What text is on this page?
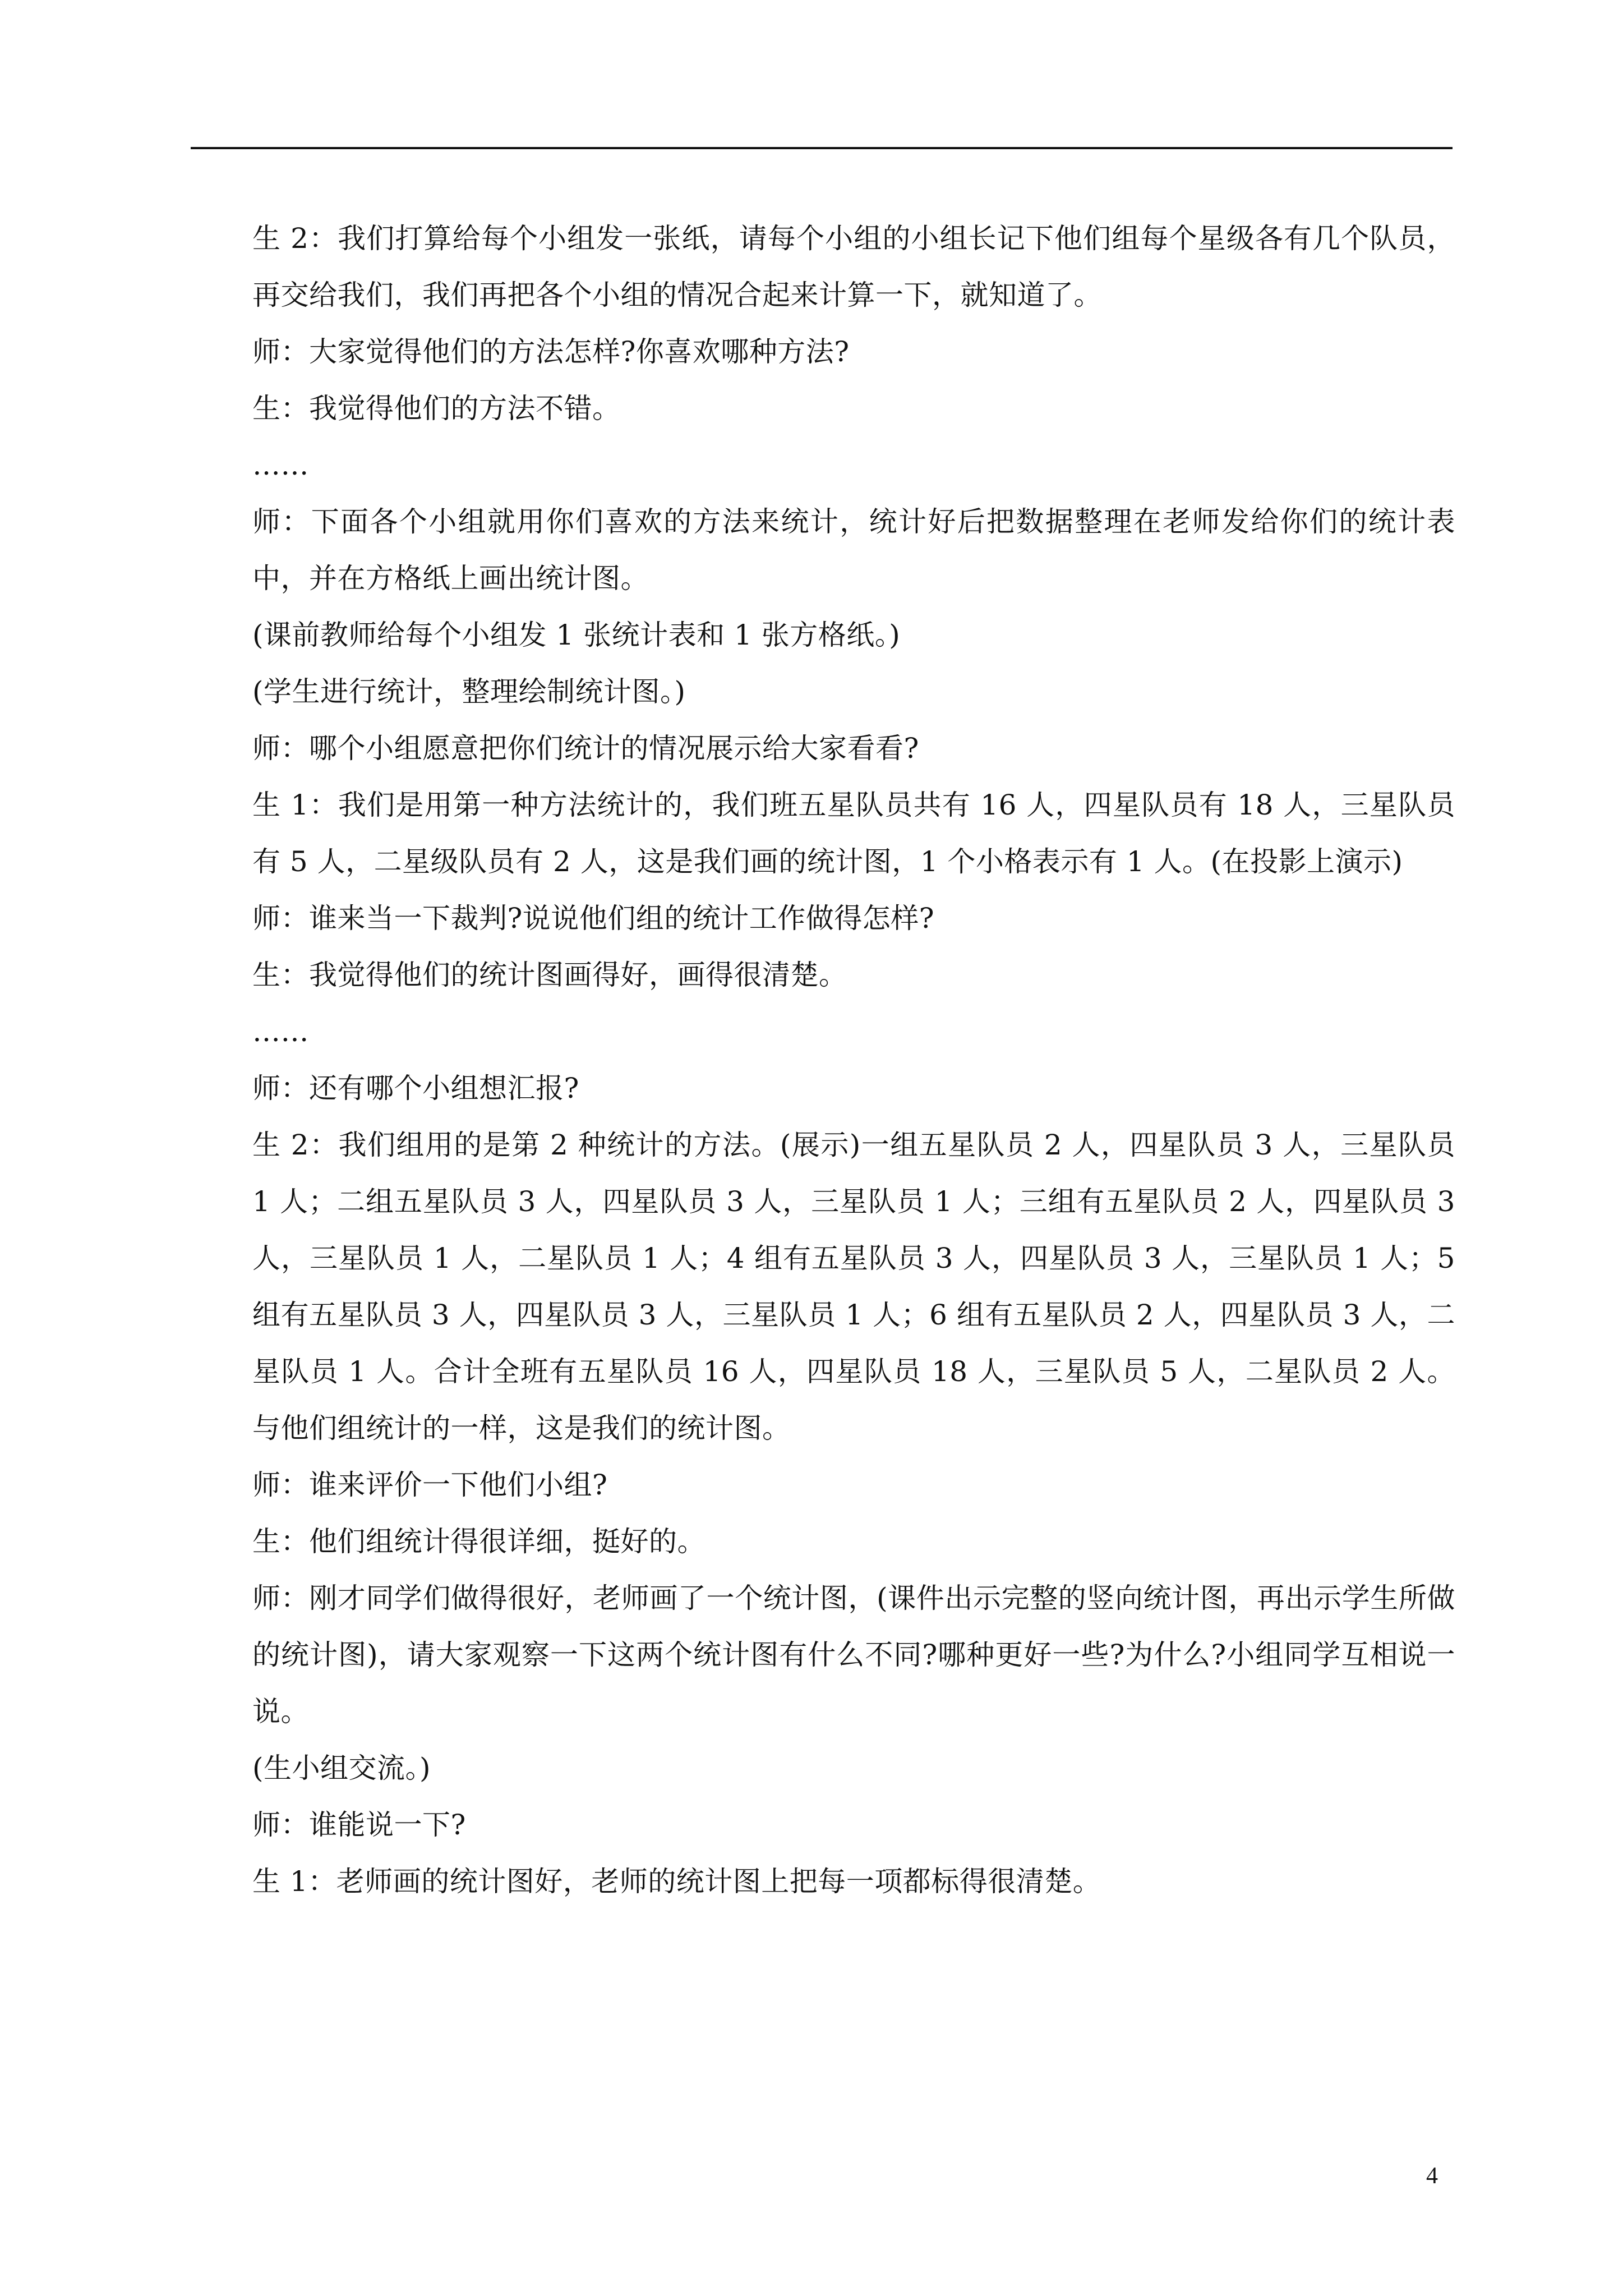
生 2：我们打算给每个小组发一张纸，请每个小组的小组长记下他们组每个星级各有几个队员，再交给我们，我们再把各个小组的情况合起来计算一下，就知道了。

师：大家觉得他们的方法怎样?你喜欢哪种方法?

生：我觉得他们的方法不错。

……

师：下面各个小组就用你们喜欢的方法来统计，统计好后把数据整理在老师发给你们的统计表中，并在方格纸上画出统计图。

(课前教师给每个小组发 1 张统计表和 1 张方格纸。)

(学生进行统计，整理绘制统计图。)

师：哪个小组愿意把你们统计的情况展示给大家看看?

生 1：我们是用第一种方法统计的，我们班五星队员共有 16 人，四星队员有 18 人，三星队员有 5 人，二星级队员有 2 人，这是我们画的统计图，1 个小格表示有 1 人。(在投影上演示)

师：谁来当一下裁判?说说他们组的统计工作做得怎样?

生：我觉得他们的统计图画得好，画得很清楚。

……

师：还有哪个小组想汇报?

生 2：我们组用的是第 2 种统计的方法。(展示)一组五星队员 2 人，四星队员 3 人，三星队员 1 人；二组五星队员 3 人，四星队员 3 人，三星队员 1 人；三组有五星队员 2 人，四星队员 3 人，三星队员 1 人，二星队员 1 人；4 组有五星队员 3 人，四星队员 3 人，三星队员 1 人；5 组有五星队员 3 人，四星队员 3 人，三星队员 1 人；6 组有五星队员 2 人，四星队员 3 人，二星队员 1 人。合计全班有五星队员 16 人，四星队员 18 人，三星队员 5 人，二星队员 2 人。与他们组统计的一样，这是我们的统计图。

师：谁来评价一下他们小组?

生：他们组统计得很详细，挺好的。

师：刚才同学们做得很好，老师画了一个统计图，(课件出示完整的竖向统计图，再出示学生所做的统计图)，请大家观察一下这两个统计图有什么不同?哪种更好一些?为什么?小组同学互相说一说。

(生小组交流。)

师：谁能说一下?

生 1：老师画的统计图好，老师的统计图上把每一项都标得很清楚。

4
